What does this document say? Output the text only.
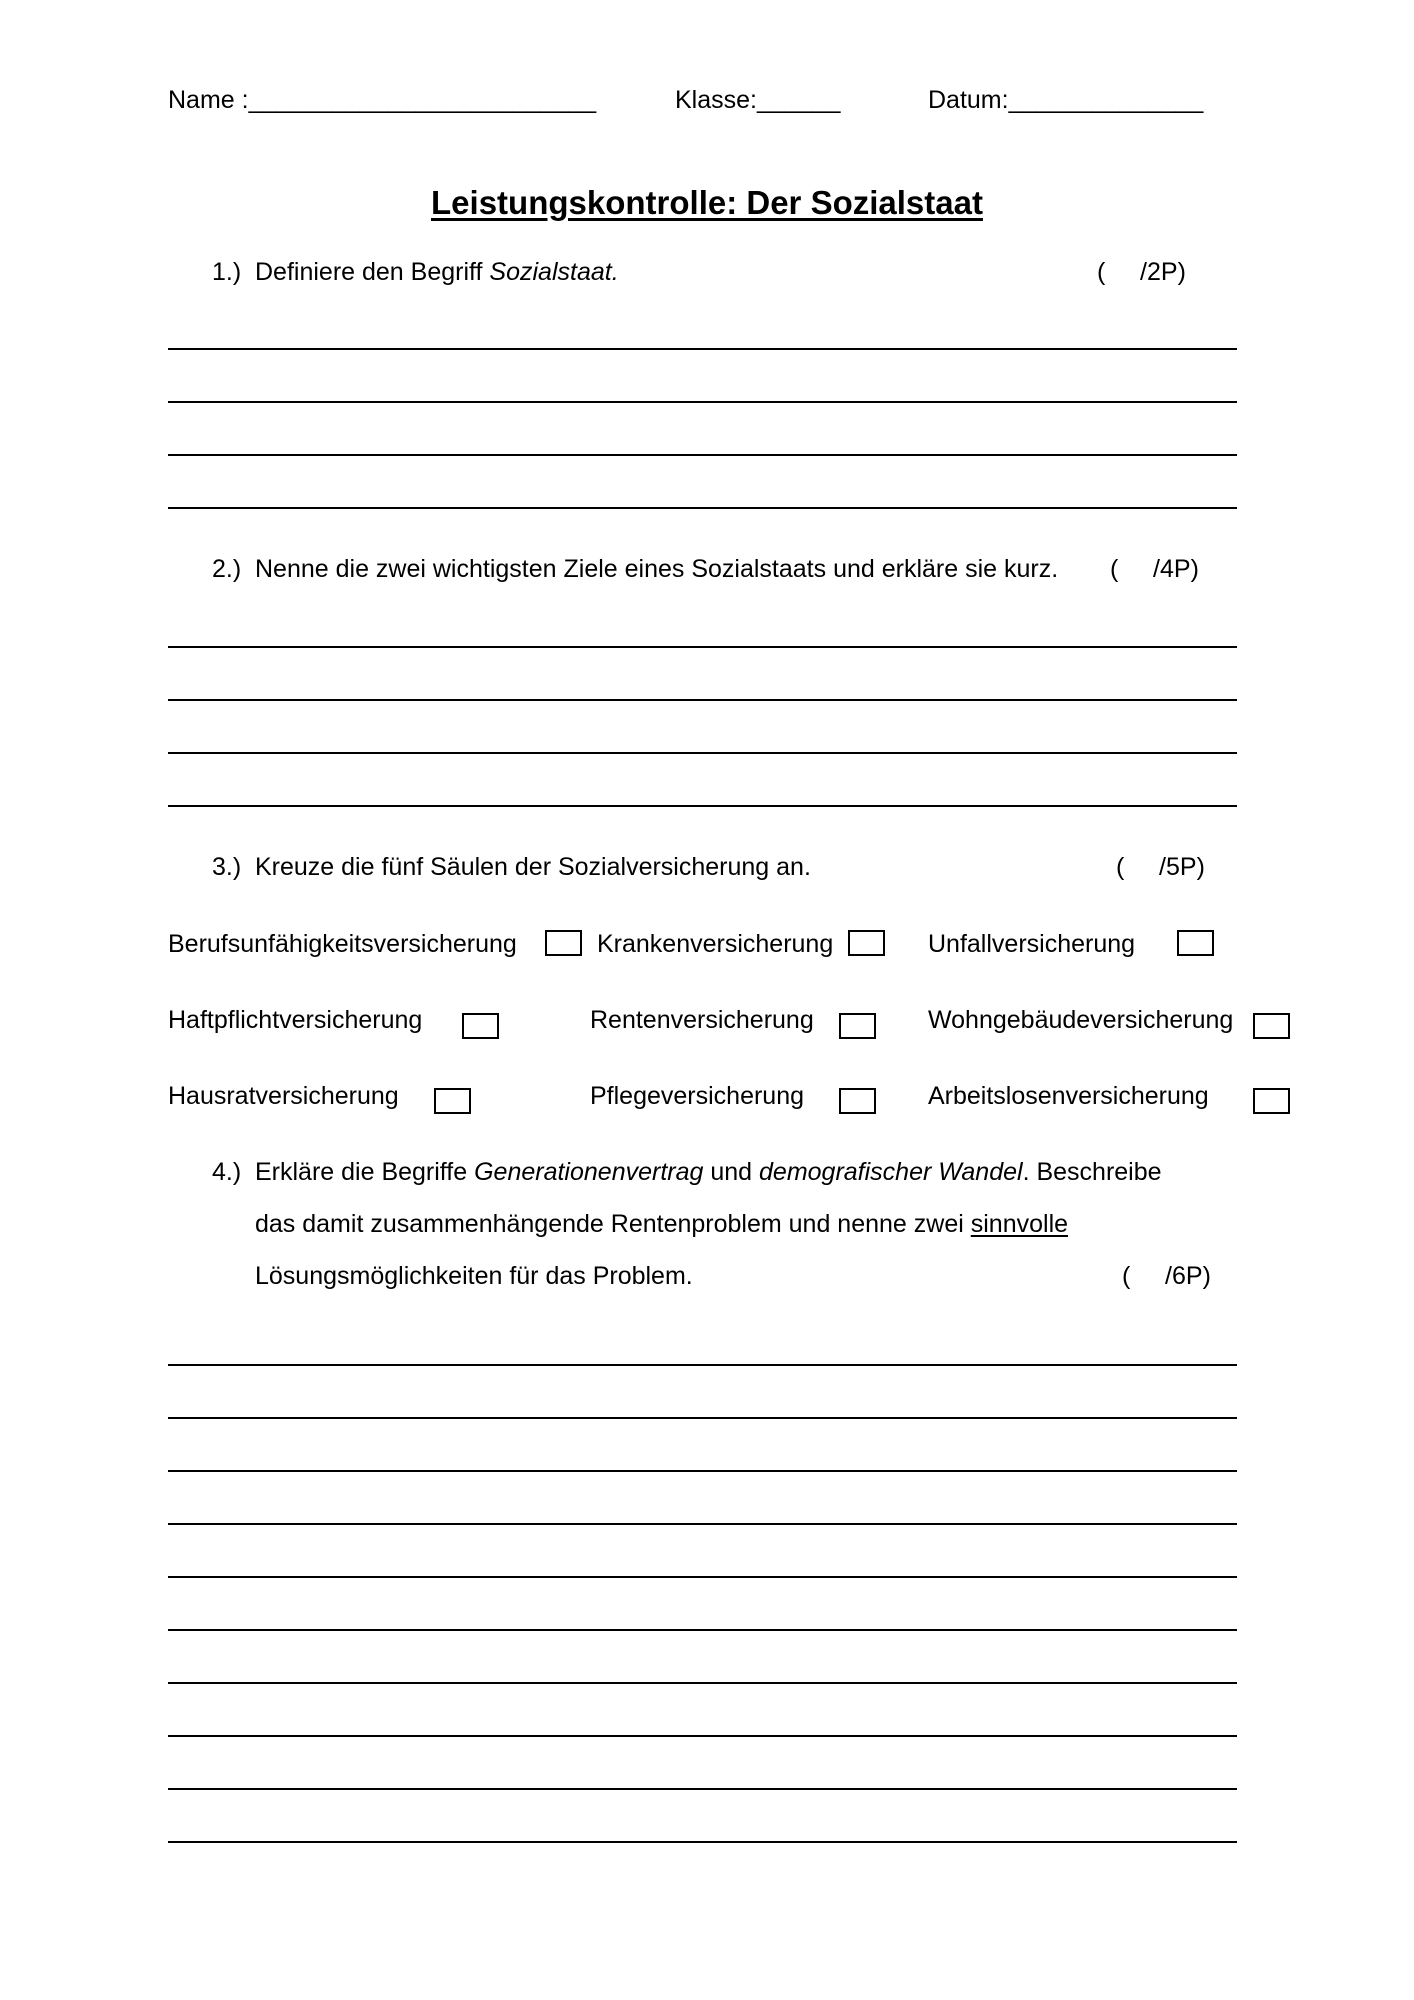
Name :_________________________	Klasse:______	Datum:______________
Leistungskontrolle: Der Sozialstaat
1.) Definiere den Begriff Sozialstaat.	(     /2P)
2.) Nenne die zwei wichtigsten Ziele eines Sozialstaats und erkläre sie kurz. (     /4P)
3.) Kreuze die fünf Säulen der Sozialversicherung an.	(     /5P)
Berufsunfähigkeitsversicherung	Krankenversicherung	Unfallversicherung
Haftpflichtversicherung	Rentenversicherung	Wohngebäudeversicherung
Hausratversicherung	Pflegeversicherung	Arbeitslosenversicherung
4.) Erkläre die Begriffe Generationenvertrag und demografischer Wandel. Beschreibe
das damit zusammenhängende Rentenproblem und nenne zwei sinnvolle
Lösungsmöglichkeiten für das Problem.	(     /6P)
